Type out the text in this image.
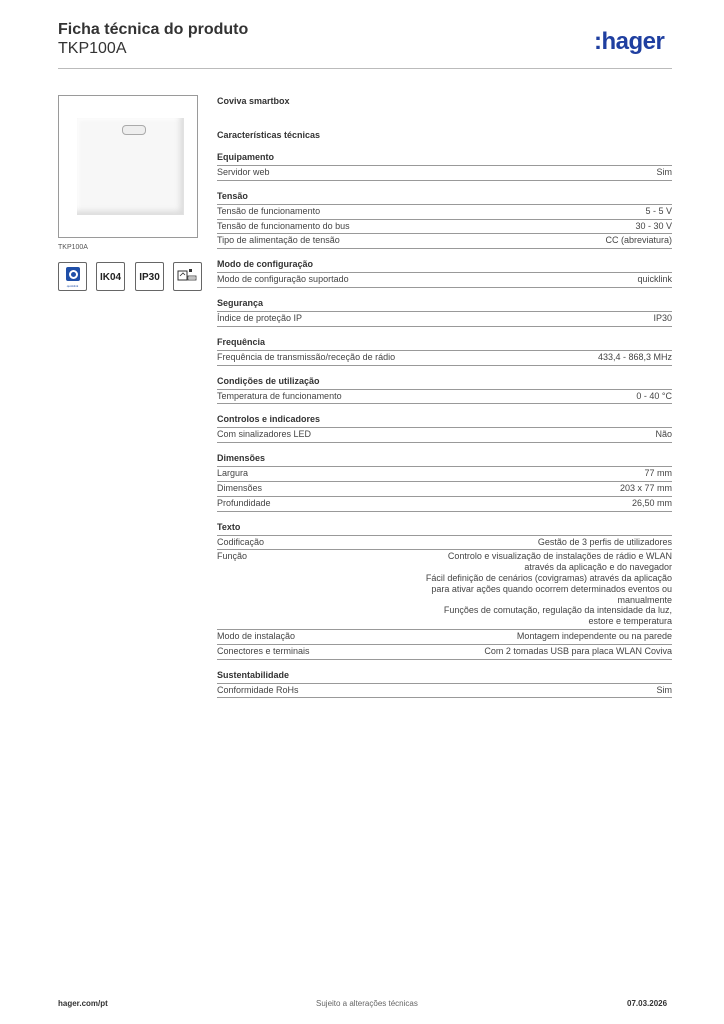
Ficha técnica do produto
TKP100A	:hager
TKP100A
quicklink
IK04	IP30
Coviva smartbox
Características técnicas
Equipamento
Servidor web	Sim
Tensão
Tensão de funcionamento	5 - 5 V
Tensão de funcionamento do bus	30 - 30 V
Tipo de alimentação de tensão	CC (abreviatura)
Modo de configuração
Modo de configuração suportado	quicklink
Segurança
Índice de proteção IP	IP30
Frequência
Frequência de transmissão/receção de rádio	433,4 - 868,3 MHz
Condições de utilização
Temperatura de funcionamento	0 - 40 °C
Controlos e indicadores
Com sinalizadores LED	Não
Dimensões
Largura	77 mm
Dimensões	203 x 77 mm
Profundidade	26,50 mm
Texto
Codificação	Gestão de 3 perfis de utilizadores
Função	Controlo e visualização de instalações de rádio e WLAN
através da aplicação e do navegador
Fácil definição de cenários (covigramas) através da aplicação
para ativar ações quando ocorrem determinados eventos ou
manualmente
Funções de comutação, regulação da intensidade da luz,
estore e temperatura
Modo de instalação	Montagem independente ou na parede
Conectores e terminais	Com 2 tomadas USB para placa WLAN Coviva
Sustentabilidade
Conformidade RoHs	Sim
hager.com/pt	Sujeito a alterações técnicas	07.03.2026
